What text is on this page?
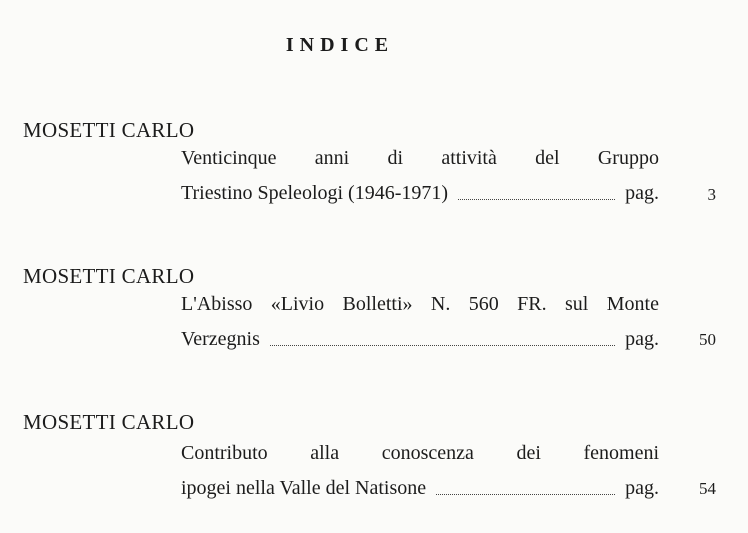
INDICE
MOSETTI CARLO
Venticinque anni di attività del Gruppo
Triestino Speleologi (1946-1971)	pag.	3
MOSETTI CARLO
L'Abisso «Livio Bolletti» N. 560 FR. sul Monte
Verzegnis	pag. 50
MOSETTI CARLO
Contributo alla conoscenza dei fenomeni
ipogei nella Valle del Natisone	pag. 54
